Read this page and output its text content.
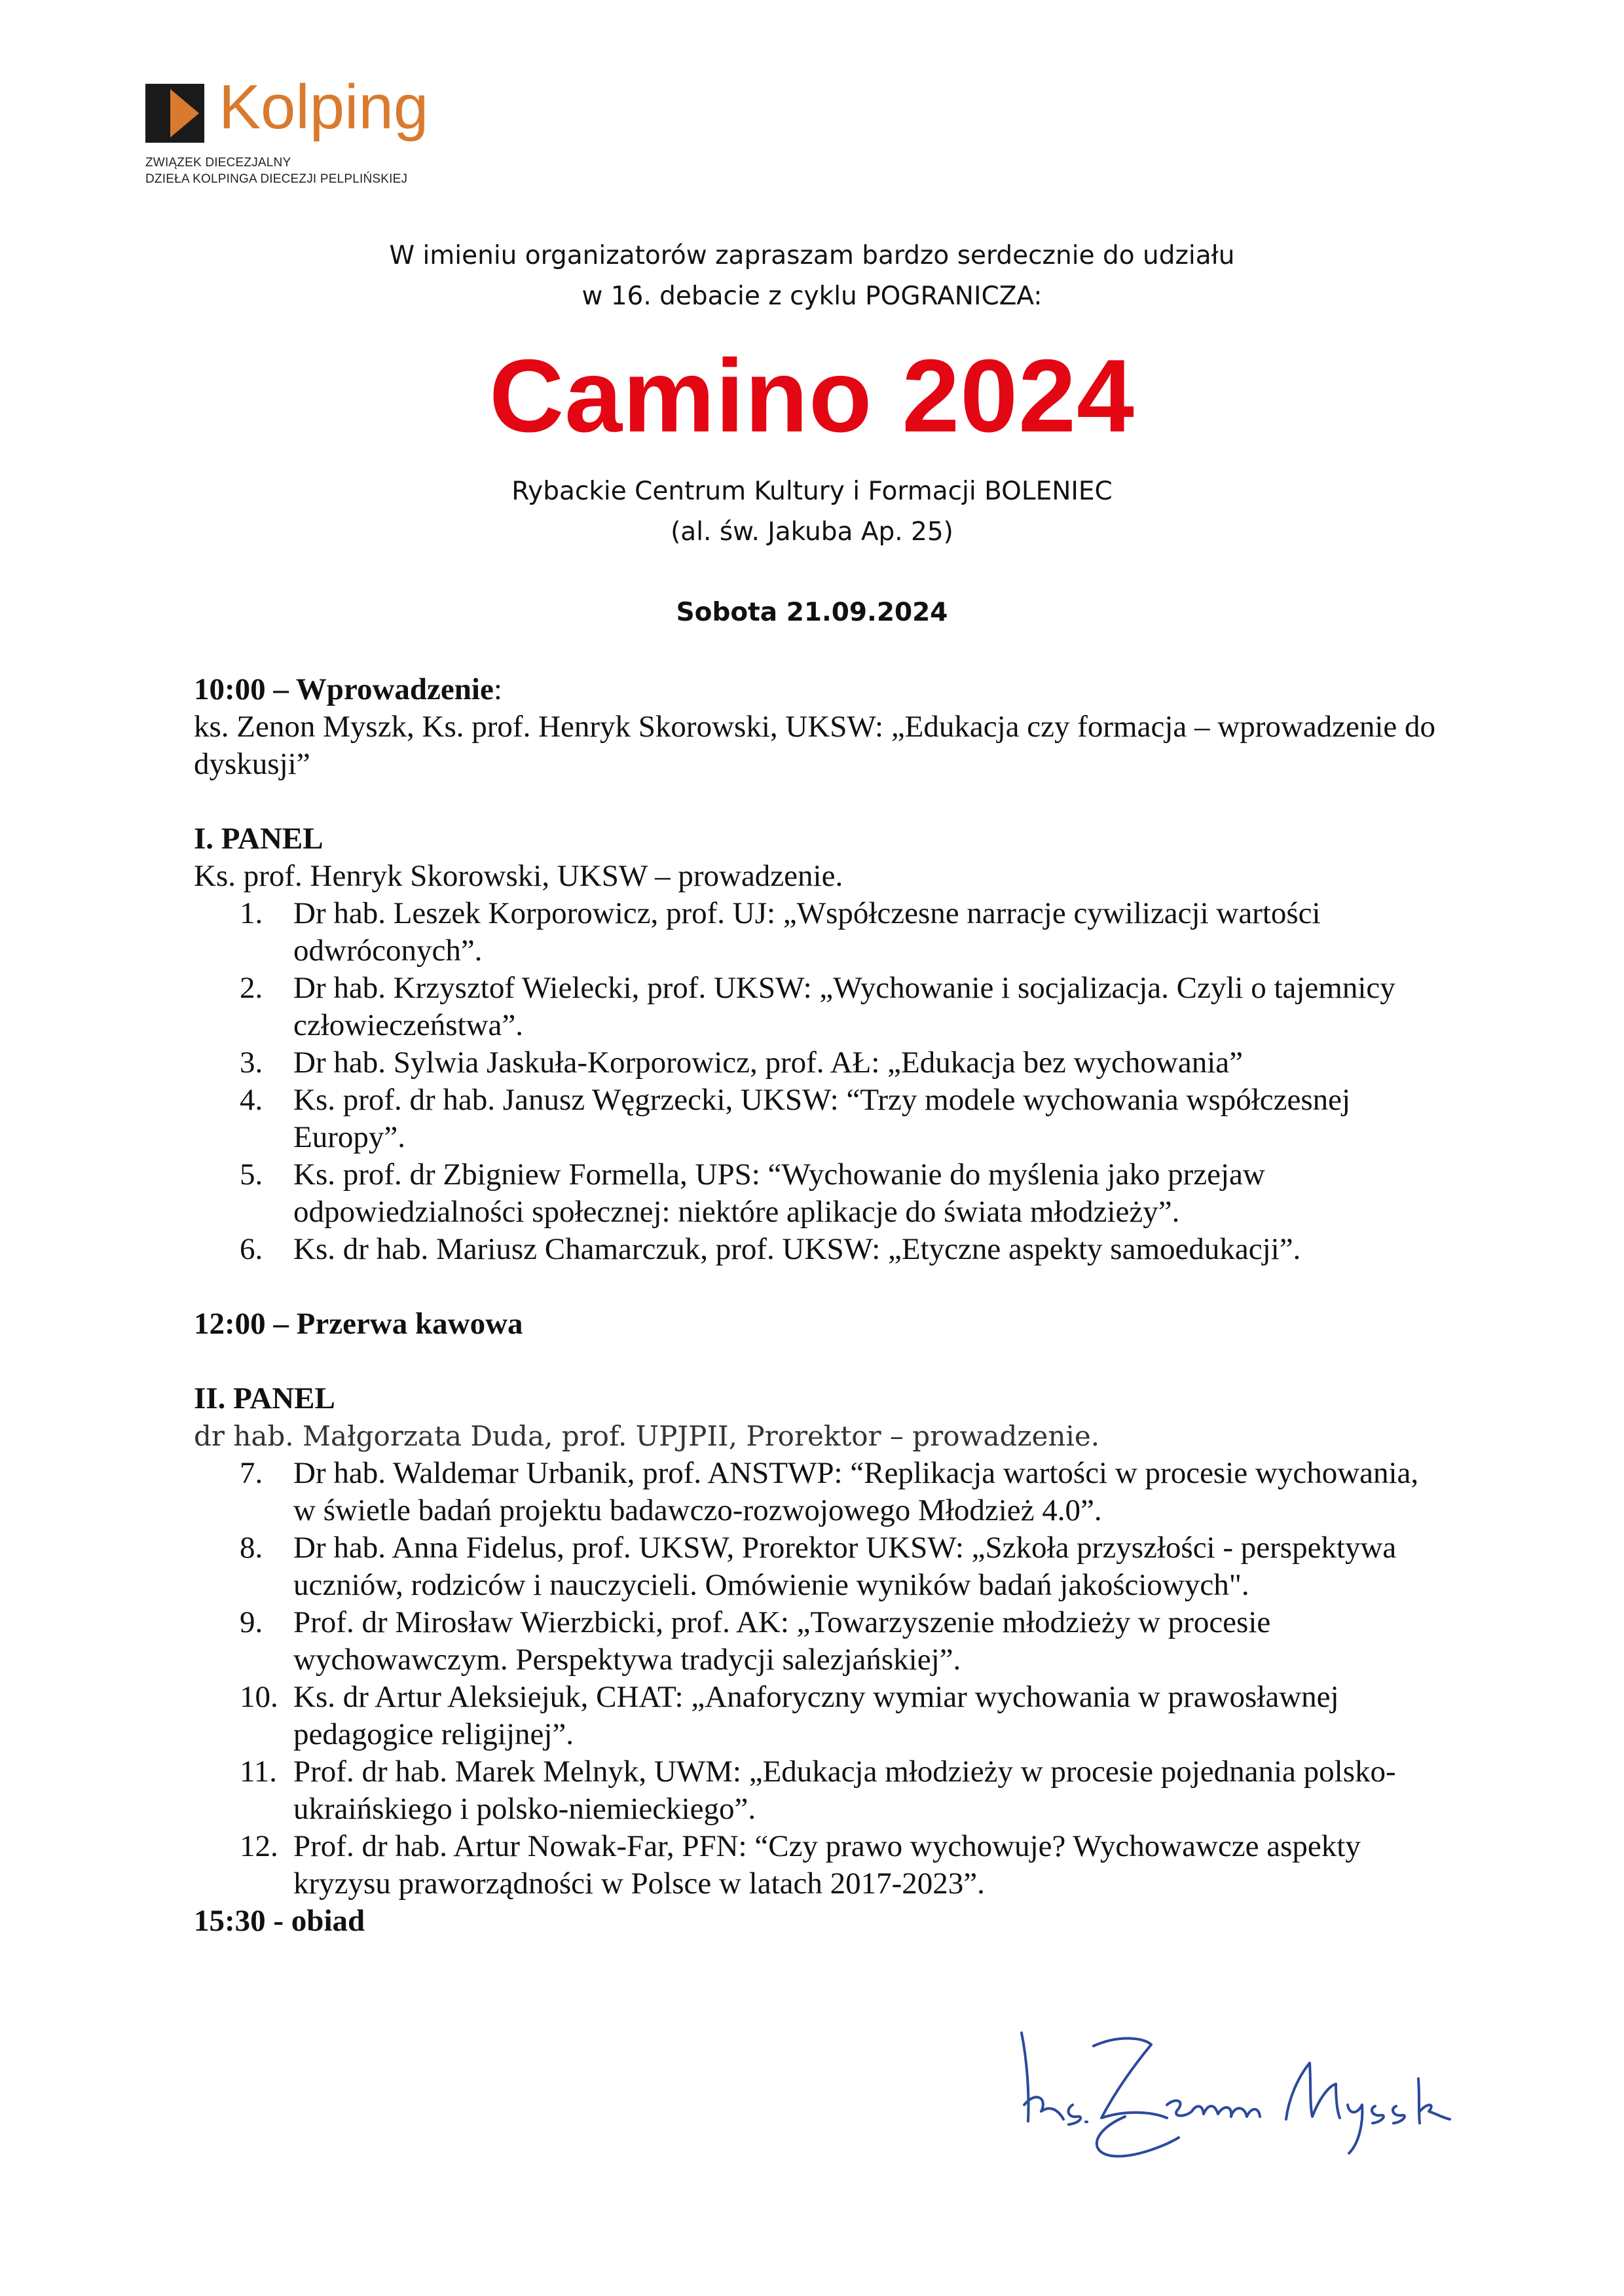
Kolping
ZWIĄZEK DIECEZJALNY
DZIEŁA KOLPINGA DIECEZJI PELPLIŃSKIEJ
W imieniu organizatorów zapraszam bardzo serdecznie do udziału
w 16. debacie z cyklu POGRANICZA:
Camino 2024
Rybackie Centrum Kultury i Formacji BOLENIEC
(al. św. Jakuba Ap. 25)
Sobota 21.09.2024

10:00 – Wprowadzenie:

ks. Zenon Myszk, Ks. prof. Henryk Skorowski, UKSW: „Edukacja czy formacja – wprowadzenie do dyskusji”

I. PANEL

Ks. prof. Henryk Skorowski, UKSW – prowadzenie.

1. Dr hab. Leszek Korporowicz, prof. UJ: „Współczesne narracje cywilizacji wartości odwróconych”.
2. Dr hab. Krzysztof Wielecki, prof. UKSW: „Wychowanie i socjalizacja. Czyli o tajemnicy człowieczeństwa”.
3. Dr hab. Sylwia Jaskuła-Korporowicz, prof. AŁ: „Edukacja bez wychowania”
4. Ks. prof. dr hab. Janusz Węgrzecki, UKSW: “Trzy modele wychowania współczesnej Europy”.
5. Ks. prof. dr Zbigniew Formella, UPS: “Wychowanie do myślenia jako przejaw odpowiedzialności społecznej: niektóre aplikacje do świata młodzieży”.
6. Ks. dr hab. Mariusz Chamarczuk, prof. UKSW: „Etyczne aspekty samoedukacji”.

12:00 – Przerwa kawowa

II. PANEL

dr hab. Małgorzata Duda, prof. UPJPII, Prorektor – prowadzenie.

7. Dr hab. Waldemar Urbanik, prof. ANSTWP: “Replikacja wartości w procesie wychowania, w świetle badań projektu badawczo-rozwojowego Młodzież 4.0”.
8. Dr hab. Anna Fidelus, prof. UKSW, Prorektor UKSW: „Szkoła przyszłości - perspektywa uczniów, rodziców i nauczycieli. Omówienie wyników badań jakościowych".
9. Prof. dr Mirosław Wierzbicki, prof. AK: „Towarzyszenie młodzieży w procesie wychowawczym. Perspektywa tradycji salezjańskiej”.
10. Ks. dr Artur Aleksiejuk, CHAT: „Anaforyczny wymiar wychowania w prawosławnej pedagogice religijnej”.
11. Prof. dr hab. Marek Melnyk, UWM: „Edukacja młodzieży w procesie pojednania polsko-ukraińskiego i polsko-niemieckiego”.
12. Prof. dr hab. Artur Nowak-Far, PFN: “Czy prawo wychowuje? Wychowawcze aspekty kryzysu praworządności w Polsce w latach 2017-2023”.

15:30 - obiad
